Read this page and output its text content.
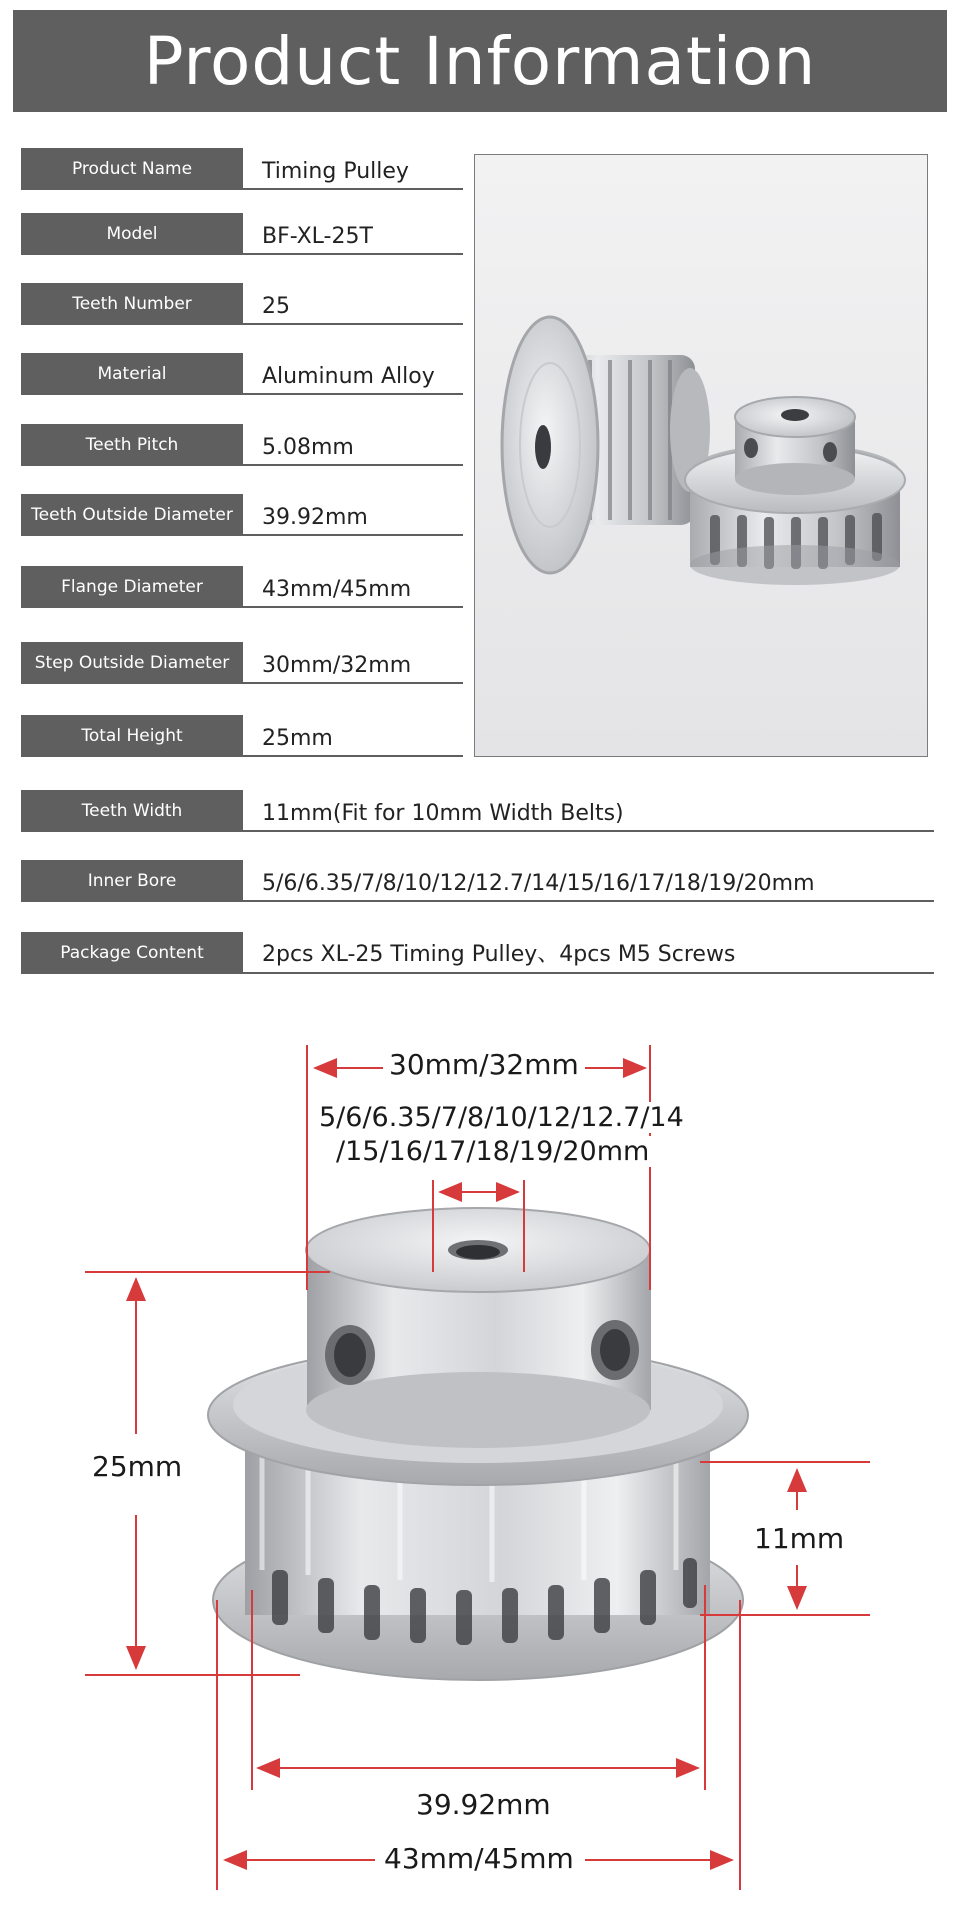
Product Information
Product Name	Timing Pulley
Model	BF-XL-25T
Teeth Number	25
Material	Aluminum Alloy
Teeth Pitch	5.08mm
Teeth Outside Diameter	39.92mm
Flange Diameter	43mm/45mm
Step Outside Diameter	30mm/32mm
Total Height	25mm
Teeth Width	11mm(Fit for 10mm Width Belts)
Inner Bore	5/6/6.35/7/8/10/12/12.7/14/15/16/17/18/19/20mm
Package Content	2pcs XL-25 Timing Pulley、4pcs M5 Screws
30mm/32mm
5/6/6.35/7/8/10/12/12.7/14
/15/16/17/18/19/20mm
25mm
11mm
39.92mm
43mm/45mm
